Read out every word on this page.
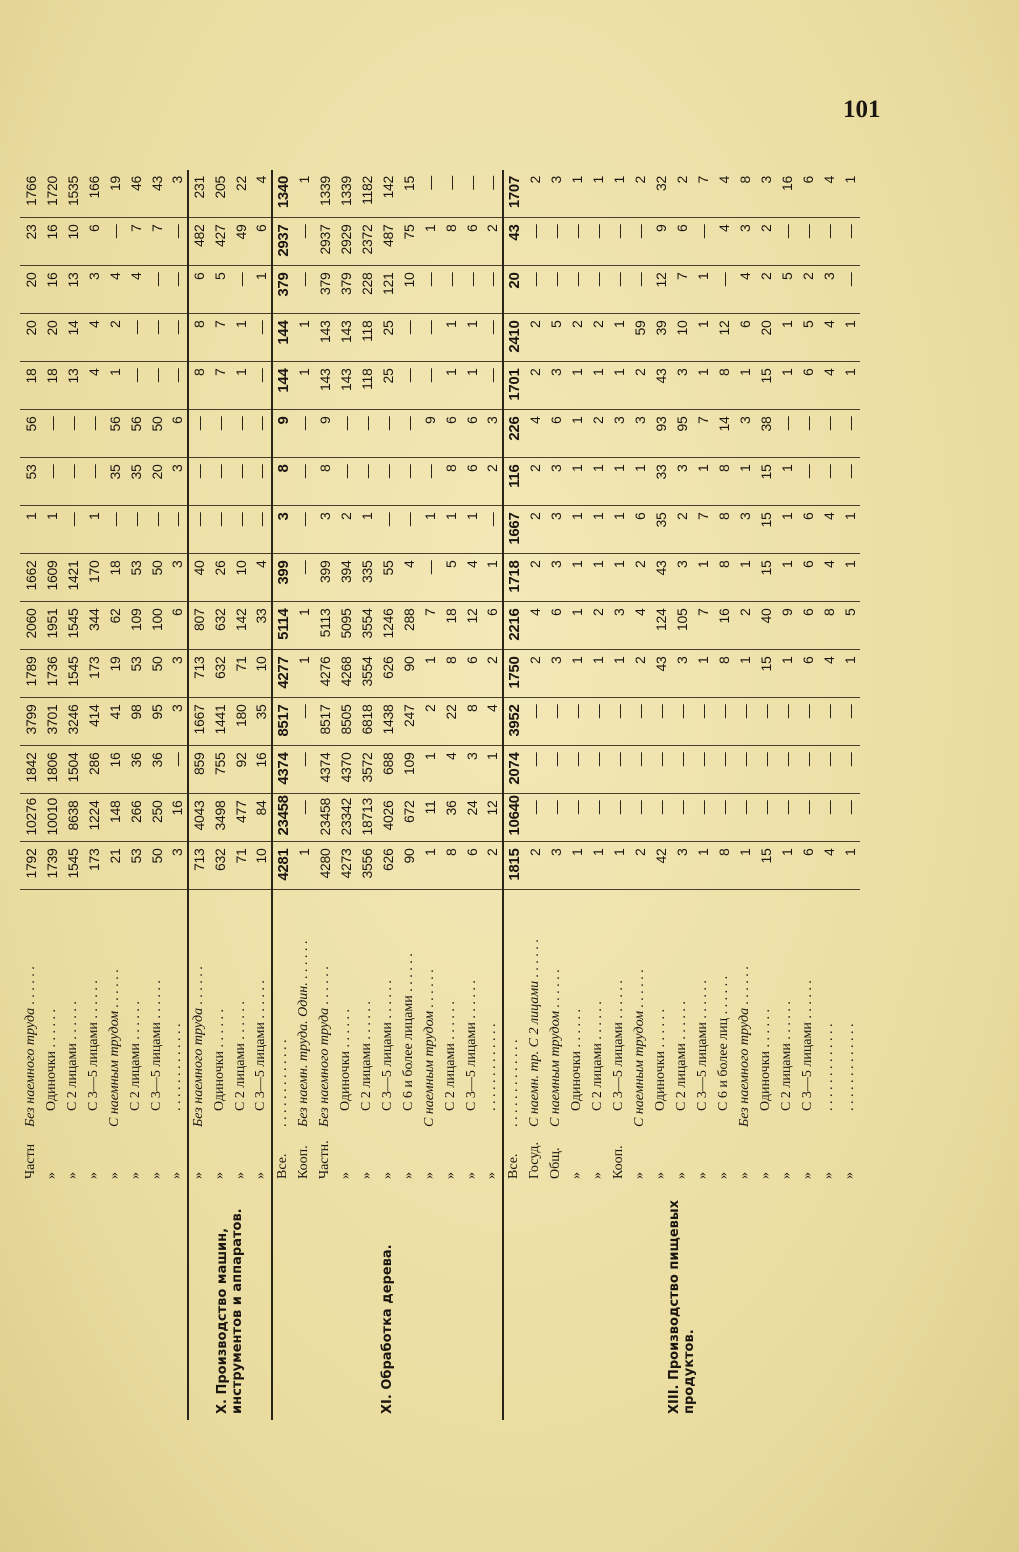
101
	Частн	Без наемного труда . . . . . .	1792	10276	1842	3799	1789	2060	1662	1	53	56	18	20	20	23	1766
	»	Одиночки . . . . . .	1739	10010	1806	3701	1736	1951	1609	1	—	—	18	20	16	16	1720
	»	С 2 лицами . . . . . .	1545	8638	1504	3246	1545	1545	1421	—	—	—	13	14	13	10	1535
	»	С 3—5 лицами . . . . . .	173	1224	286	414	173	344	170	1	—	—	4	4	3	6	166
	»	С наемным трудом . . . . . .	21	148	16	41	19	62	18	—	35	56	1	2	4	—	19
	»	С 2 лицами . . . . . .	53	266	36	98	53	109	53	—	35	56	—	—	4	7	46
	»	С 3—5 лицами . . . . . .	50	250	36	95	50	100	50	—	20	50	—	—	—	7	43
	»	. . . . . . . . . . . . .	3	16	—	3	3	6	3	—	3	6	—	—	—	—	3
X. Производство машин, инструментов и аппаратов.	»	Без наемного труда . . . . . .	713	4043	859	1667	713	807	40	—	—	—	8	8	6	482	231
	»	Одиночки . . . . . .	632	3498	755	1441	632	632	26	—	—	—	7	7	5	427	205
	»	С 2 лицами . . . . . .	71	477	92	180	71	142	10	—	—	—	1	1	—	49	22
	»	С 3—5 лицами . . . . . .	10	84	16	35	10	33	4	—	—	—	—	—	1	6	4
XI. Обработка дерева.	Все.	. . . . . . . . . . . . .	4281	23458	4374	8517	4277	5114	399	3	8	9	144	144	379	2937	1340
	Кооп.	Без наемн. труда. Один. . . . . . .	1	—	—	—	1	1	—	—	—	—	1	1	—	—	1
	Частн.	Без наемного труда . . . . . .	4280	23458	4374	8517	4276	5113	399	3	8	9	143	143	379	2937	1339
	»	Одиночки . . . . . .	4273	23342	4370	8505	4268	5095	394	2	—	—	143	143	379	2929	1339
	»	С 2 лицами . . . . . .	3556	18713	3572	6818	3554	3554	335	1	—	—	118	118	228	2372	1182
	»	С 3—5 лицами . . . . . .	626	4026	688	1438	626	1246	55	—	—	—	25	25	121	487	142
	»	С 6 и более лицами . . . . . .	90	672	109	247	90	288	4	—	—	—	—	—	10	75	15
	»	С наемным трудом . . . . . .	1	11	1	2	1	7	—	1	—	9	—	—	—	1	—
	»	С 2 лицами . . . . . .	8	36	4	22	8	18	5	1	8	6	1	1	—	8	—
	»	С 3—5 лицами . . . . . .	6	24	3	8	6	12	4	1	6	6	1	1	—	6	—
	»	. . . . . . . . . . . . .	2	12	1	4	2	6	1	—	2	3	—	—	—	2	—
XIII. Производство пищевых продуктов.	Все.	. . . . . . . . . . . . .	1815	10640	2074	3952	1750	2216	1718	1667	116	226	1701	2410	20	43	1707
	Госуд.	С наемн. тр. С 2 лицами . . . . . .	2	—	—	—	2	4	2	2	2	4	2	2	—	—	2
	Общ.	С наемным трудом . . . . . .	3	—	—	—	3	6	3	3	3	6	3	5	—	—	3
	»	Одиночки . . . . . .	1	—	—	—	1	1	1	1	1	1	1	2	—	—	1
	»	С 2 лицами . . . . . .	1	—	—	—	1	2	1	1	1	2	1	2	—	—	1
	Кооп.	С 3—5 лицами . . . . . .	1	—	—	—	1	3	1	1	1	3	1	1	—	—	1
	»	С наемным трудом . . . . . .	2	—	—	—	2	4	2	6	1	3	2	59	—	—	2
	»	Одиночки . . . . . .	42	—	—	—	43	124	43	35	33	93	43	39	12	9	32
	»	С 2 лицами . . . . . .	3	—	—	—	3	105	3	2	3	95	3	10	7	6	2
	»	С 3—5 лицами . . . . . .	1	—	—	—	1	7	1	7	1	7	1	1	1	—	7
	»	С 6 и более лиц . . . . . .	8	—	—	—	8	16	8	8	8	14	8	12	—	4	4
	»	Без наемного труда . . . . . .	1	—	—	—	1	2	1	3	1	3	1	6	4	3	8
	»	Одиночки . . . . . .	15	—	—	—	15	40	15	15	15	38	15	20	2	2	3
	»	С 2 лицами . . . . . .	1	—	—	—	1	9	1	1	1	—	1	1	5	—	16
	»	С 3—5 лицами . . . . . .	6	—	—	—	6	6	6	6	—	—	6	5	2	—	6
	»	. . . . . . . . . . . . .	4	—	—	—	4	8	4	4	—	—	4	4	3	—	4
	»	. . . . . . . . . . . . .	1	—	—	—	1	5	1	1	—	—	1	1	—	—	1
